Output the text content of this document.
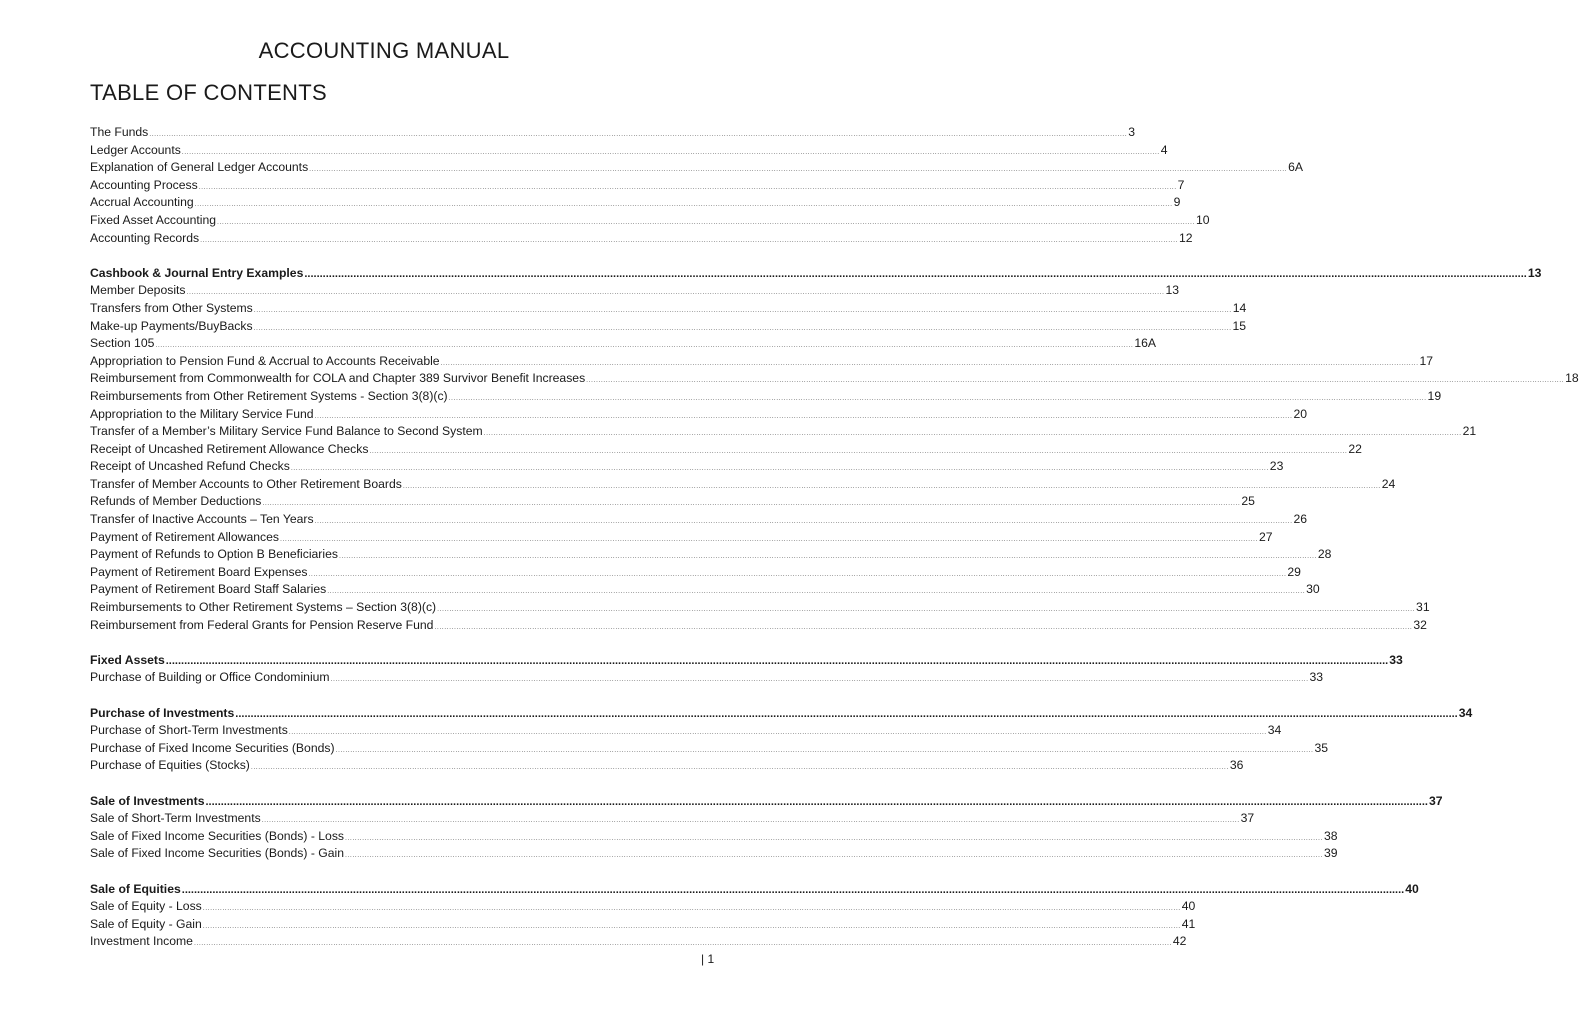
ACCOUNTING MANUAL
TABLE OF CONTENTS
The Funds ................................................................................................................................................................................................................................................................................................................................................................................................................ 3
Ledger Accounts ................................................................................................................................................................................................................................................................................................................................................................................................................ 4
Explanation of General Ledger Accounts ................................................................................................................................................................................................................................................................................................................................................................................................................ 6A
Accounting Process ................................................................................................................................................................................................................................................................................................................................................................................................................ 7
Accrual Accounting ................................................................................................................................................................................................................................................................................................................................................................................................................ 9
Fixed Asset Accounting ................................................................................................................................................................................................................................................................................................................................................................................................................ 10
Accounting Records ................................................................................................................................................................................................................................................................................................................................................................................................................ 12
Cashbook & Journal Entry Examples ................................................................................................................................................................................................................................................................................................................................................................................................................ 13
Member Deposits ................................................................................................................................................................................................................................................................................................................................................................................................................ 13
Transfers from Other Systems ................................................................................................................................................................................................................................................................................................................................................................................................................ 14
Make-up Payments/BuyBacks ................................................................................................................................................................................................................................................................................................................................................................................................................ 15
Section 105 ................................................................................................................................................................................................................................................................................................................................................................................................................ 16A
Appropriation to Pension Fund & Accrual to Accounts Receivable ................................................................................................................................................................................................................................................................................................................................................................................................................ 17
Reimbursement from Commonwealth for COLA and Chapter 389 Survivor Benefit Increases ................................................................................................................................................................................................................................................................................................................................................................................................................ 18
Reimbursements from Other Retirement Systems - Section 3(8)(c) ................................................................................................................................................................................................................................................................................................................................................................................................................ 19
Appropriation to the Military Service Fund ................................................................................................................................................................................................................................................................................................................................................................................................................ 20
Transfer of a Member’s Military Service Fund Balance to Second System ................................................................................................................................................................................................................................................................................................................................................................................................................ 21
Receipt of Uncashed Retirement Allowance Checks ................................................................................................................................................................................................................................................................................................................................................................................................................ 22
Receipt of Uncashed Refund Checks ................................................................................................................................................................................................................................................................................................................................................................................................................ 23
Transfer of Member Accounts to Other Retirement Boards ................................................................................................................................................................................................................................................................................................................................................................................................................ 24
Refunds of Member Deductions ................................................................................................................................................................................................................................................................................................................................................................................................................ 25
Transfer of Inactive Accounts – Ten Years ................................................................................................................................................................................................................................................................................................................................................................................................................ 26
Payment of Retirement Allowances ................................................................................................................................................................................................................................................................................................................................................................................................................ 27
Payment of Refunds to Option B Beneficiaries ................................................................................................................................................................................................................................................................................................................................................................................................................ 28
Payment of Retirement Board Expenses ................................................................................................................................................................................................................................................................................................................................................................................................................ 29
Payment of Retirement Board Staff Salaries ................................................................................................................................................................................................................................................................................................................................................................................................................ 30
Reimbursements to Other Retirement Systems – Section 3(8)(c) ................................................................................................................................................................................................................................................................................................................................................................................................................ 31
Reimbursement from Federal Grants for Pension Reserve Fund ................................................................................................................................................................................................................................................................................................................................................................................................................ 32
Fixed Assets ................................................................................................................................................................................................................................................................................................................................................................................................................ 33
Purchase of Building or Office Condominium ................................................................................................................................................................................................................................................................................................................................................................................................................ 33
Purchase of Investments ................................................................................................................................................................................................................................................................................................................................................................................................................ 34
Purchase of Short-Term Investments ................................................................................................................................................................................................................................................................................................................................................................................................................ 34
Purchase of Fixed Income Securities (Bonds) ................................................................................................................................................................................................................................................................................................................................................................................................................ 35
Purchase of Equities (Stocks) ................................................................................................................................................................................................................................................................................................................................................................................................................ 36
Sale of Investments ................................................................................................................................................................................................................................................................................................................................................................................................................ 37
Sale of Short-Term Investments ................................................................................................................................................................................................................................................................................................................................................................................................................ 37
Sale of Fixed Income Securities (Bonds) - Loss ................................................................................................................................................................................................................................................................................................................................................................................................................ 38
Sale of Fixed Income Securities (Bonds) - Gain ................................................................................................................................................................................................................................................................................................................................................................................................................ 39
Sale of Equities ................................................................................................................................................................................................................................................................................................................................................................................................................ 40
Sale of Equity - Loss ................................................................................................................................................................................................................................................................................................................................................................................................................ 40
Sale of Equity - Gain ................................................................................................................................................................................................................................................................................................................................................................................................................ 41
Investment Income ................................................................................................................................................................................................................................................................................................................................................................................................................ 42
| 1
